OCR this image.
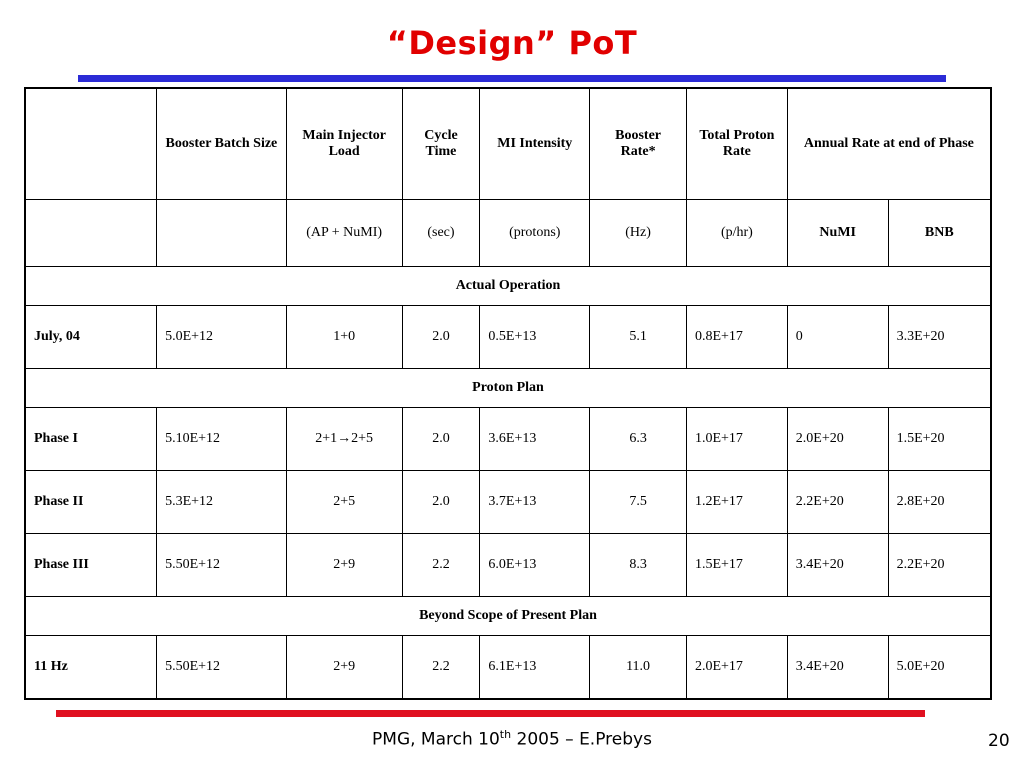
“Design” PoT
	Booster Batch Size	Main Injector Load	Cycle Time	MI Intensity	Booster Rate*	Total Proton Rate	Annual Rate at end of Phase	
		(AP + NuMI)	(sec)	(protons)	(Hz)	(p/hr)	NuMI	BNB
Actual Operation								
July, 04	5.0E+12	1+0	2.0	0.5E+13	5.1	0.8E+17	0	3.3E+20
Proton Plan								
Phase I	5.10E+12	2+1→2+5	2.0	3.6E+13	6.3	1.0E+17	2.0E+20	1.5E+20
Phase II	5.3E+12	2+5	2.0	3.7E+13	7.5	1.2E+17	2.2E+20	2.8E+20
Phase III	5.50E+12	2+9	2.2	6.0E+13	8.3	1.5E+17	3.4E+20	2.2E+20
Beyond Scope of Present Plan								
11 Hz	5.50E+12	2+9	2.2	6.1E+13	11.0	2.0E+17	3.4E+20	5.0E+20
PMG, March 10th 2005 – E.Prebys	20
